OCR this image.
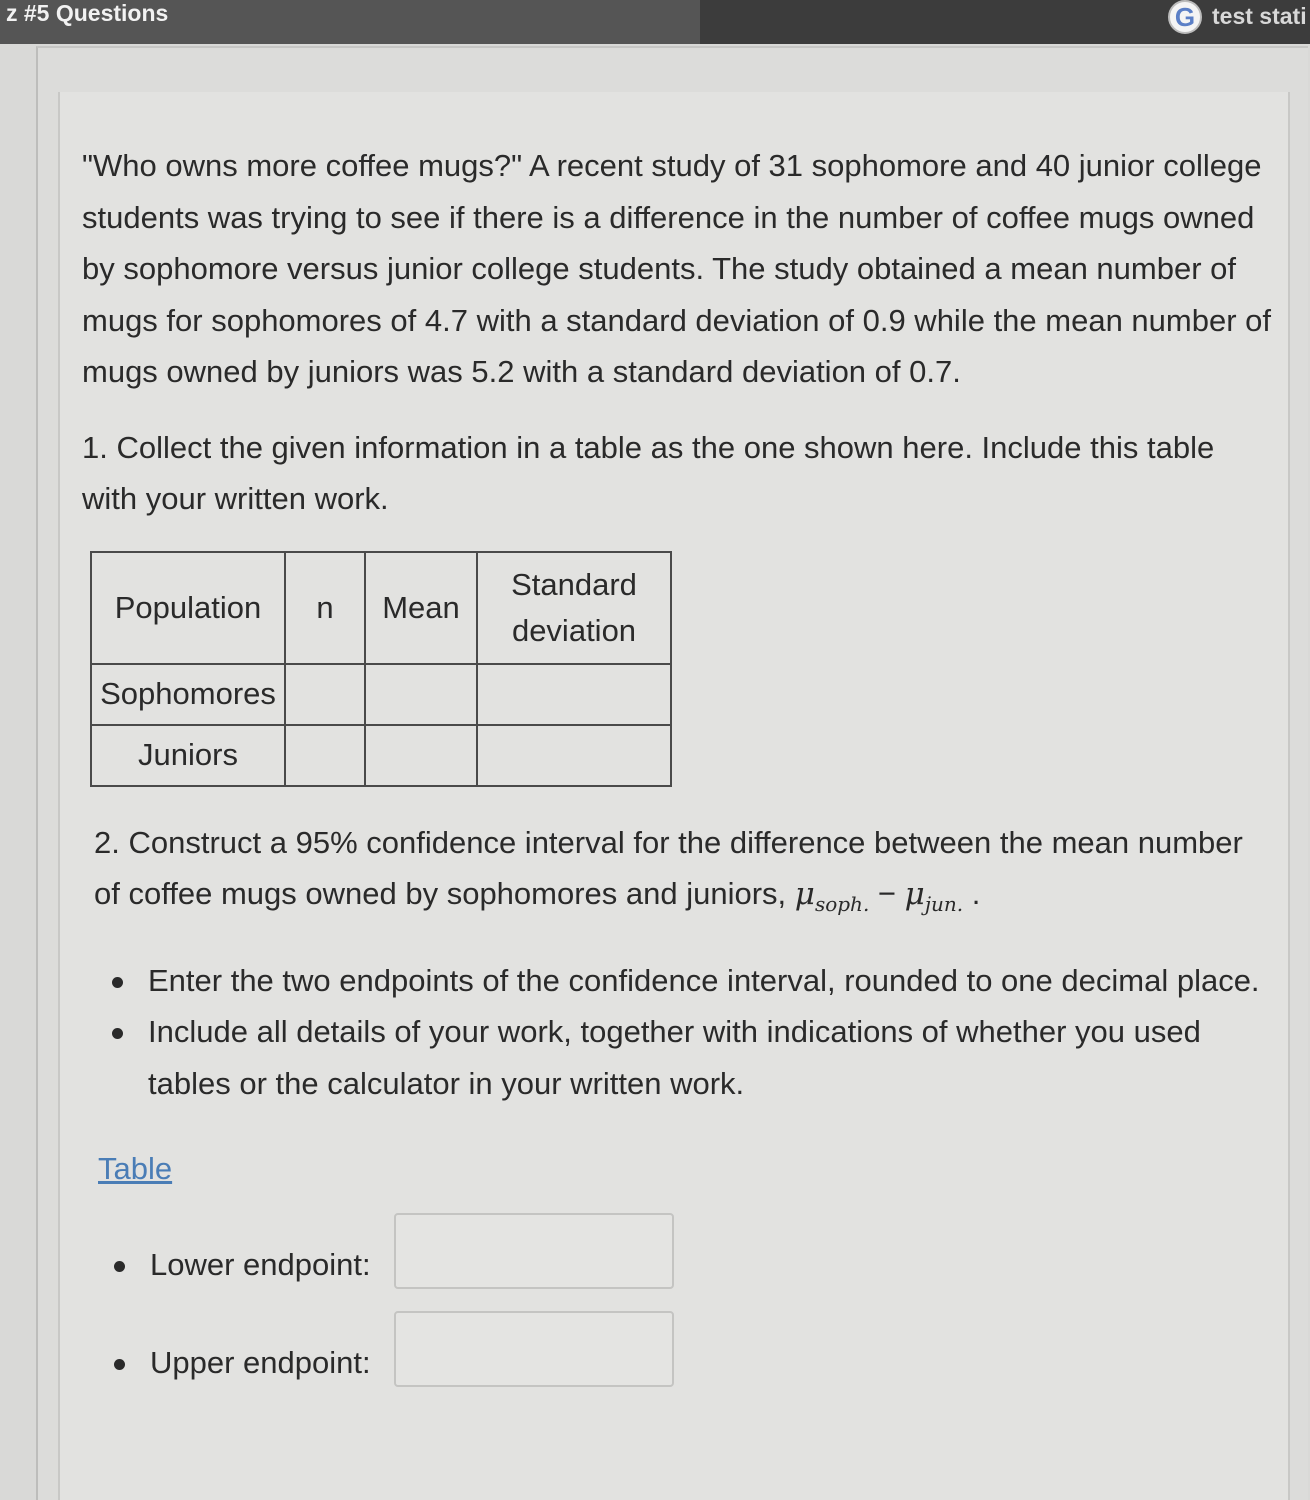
z #5 Questions	G test stati

"Who owns more coffee mugs?" A recent study of 31 sophomore and 40 junior college students was trying to see if there is a difference in the number of coffee mugs owned by sophomore versus junior college students. The study obtained a mean number of mugs for sophomores of 4.7 with a standard deviation of 0.9 while the mean number of mugs owned by juniors was 5.2 with a standard deviation of 0.7.

1. Collect the given information in a table as the one shown here. Include this table with your written work.

Population	n	Mean	Standard deviation
Sophomores			
Juniors			

2. Construct a 95% confidence interval for the difference between the mean number of coffee mugs owned by sophomores and juniors, $\mu_{soph.} - \mu_{jun.}$ .

Enter the two endpoints of the confidence interval, rounded to one decimal place.
Include all details of your work, together with indications of whether you used tables or the calculator in your written work.
Table
Lower endpoint:
Upper endpoint:
